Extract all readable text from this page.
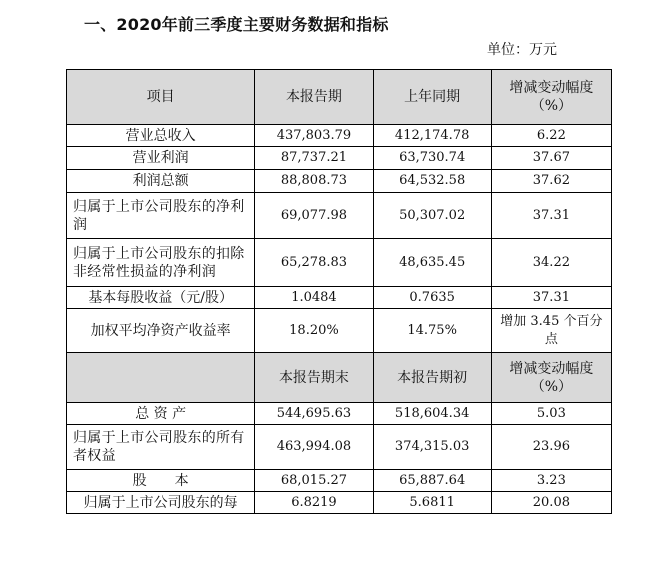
一、2020年前三季度主要财务数据和指标
单位：万元
项目	本报告期	上年同期	增减变动幅度
（%）
营业总收入	437,803.79	412,174.78	6.22
营业利润	87,737.21	63,730.74	37.67
利润总额	88,808.73	64,532.58	37.62
归属于上市公司股东的净利润	69,077.98	50,307.02	37.31
归属于上市公司股东的扣除非经常性损益的净利润	65,278.83	48,635.45	34.22
基本每股收益（元/股）	1.0484	0.7635	37.31
加权平均净资产收益率	18.20%	14.75%	增加 3.45 个百分点
	本报告期末	本报告期初	增减变动幅度
（%）
总 资 产	544,695.63	518,604.34	5.03
归属于上市公司股东的所有者权益	463,994.08	374,315.03	23.96
股　　本	68,015.27	65,887.64	3.23
归属于上市公司股东的每	6.8219	5.6811	20.08
